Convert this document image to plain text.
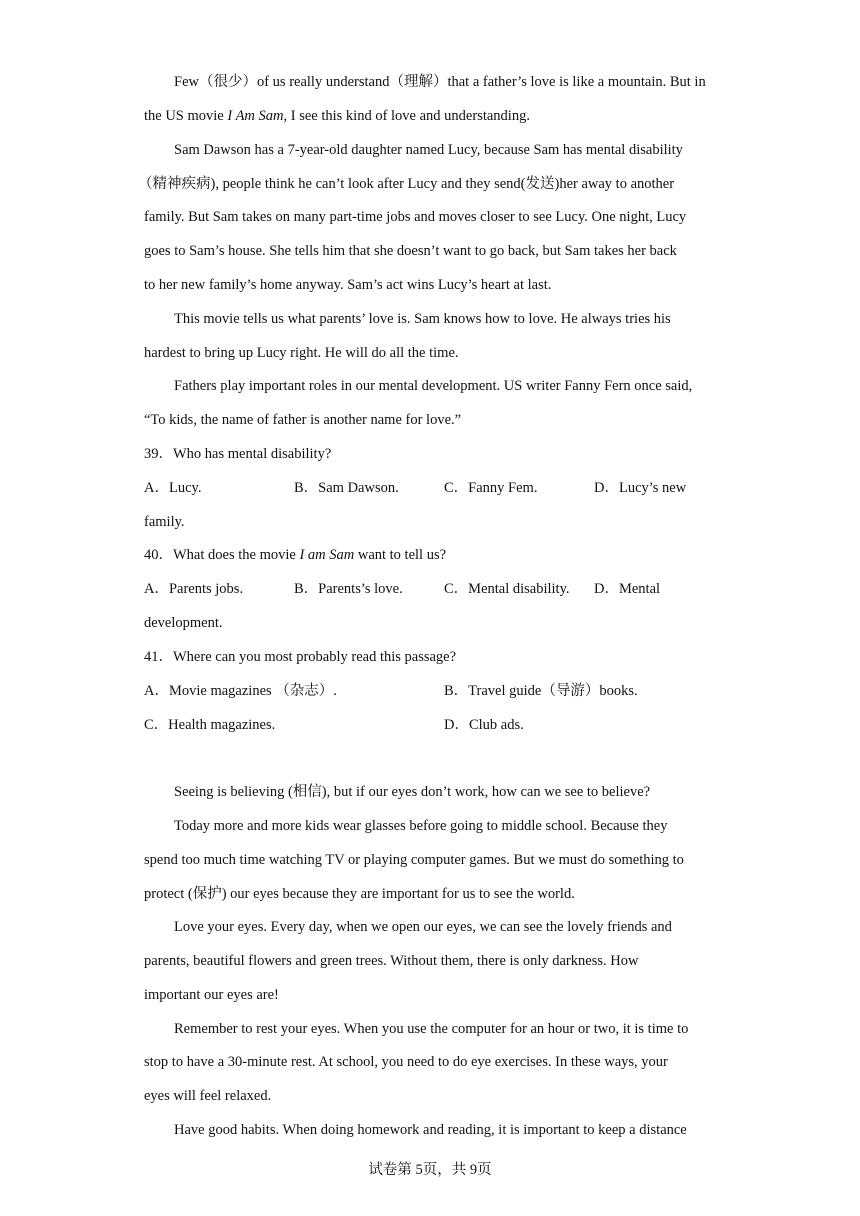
Few（很少）of us really understand（理解）that a father’s love is like a mountain. But in
the US movie I Am Sam, I see this kind of love and understanding.
Sam Dawson has a 7-year-old daughter named Lucy, because Sam has mental disability
（精神疾病), people think he can’t look after Lucy and they send(发送)her away to another
family. But Sam takes on many part-time jobs and moves closer to see Lucy. One night, Lucy
goes to Sam’s house. She tells him that she doesn’t want to go back, but Sam takes her back
to her new family’s home anyway. Sam’s act wins Lucy’s heart at last.
This movie tells us what parents’ love is. Sam knows how to love. He always tries his
hardest to bring up Lucy right. He will do all the time.
Fathers play important roles in our mental development. US writer Fanny Fern once said,
“To kids, the name of father is another name for love.”
39．Who has mental disability?
A．Lucy.	B．Sam Dawson.	C．Fanny Fem.	D．Lucy’s new
family.
40．What does the movie I am Sam want to tell us?
A．Parents jobs.	B．Parents’s love.	C．Mental disability. D．Mental
development.
41．Where can you most probably read this passage?
A．Movie magazines （杂志）.	B．Travel guide（导游）books.
C．Health magazines.	D．Club ads.
Seeing is believing (相信), but if our eyes don’t work, how can we see to believe?
Today more and more kids wear glasses before going to middle school. Because they
spend too much time watching TV or playing computer games. But we must do something to
protect (保护) our eyes because they are important for us to see the world.
Love your eyes. Every day, when we open our eyes, we can see the lovely friends and
parents, beautiful flowers and green trees. Without them, there is only darkness. How
important our eyes are!
Remember to rest your eyes. When you use the computer for an hour or two, it is time to
stop to have a 30-minute rest. At school, you need to do eye exercises. In these ways, your
eyes will feel relaxed.
Have good habits. When doing homework and reading, it is important to keep a distance
试卷第 5页，共 9页
